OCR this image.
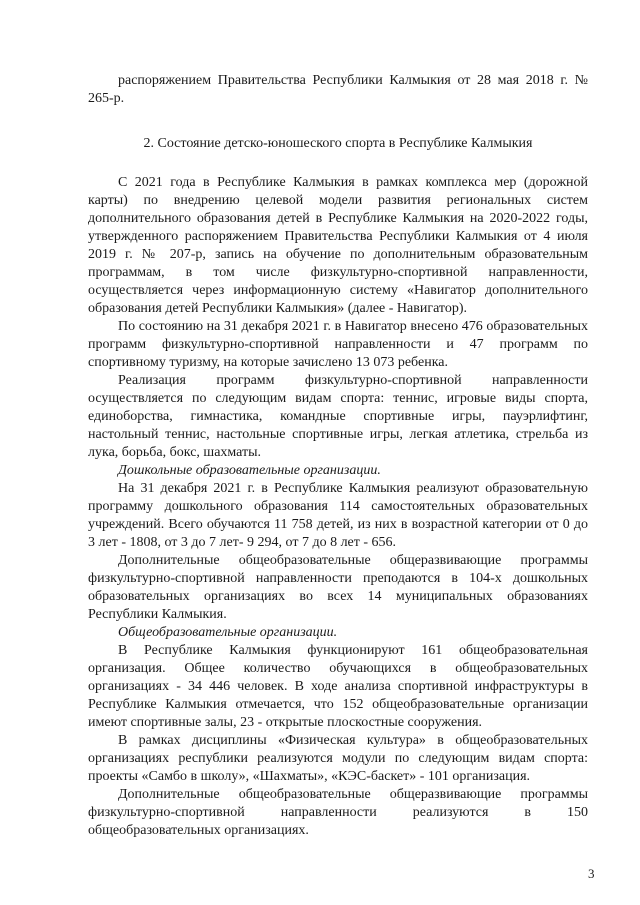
распоряжением Правительства Республики Калмыкия от 28 мая 2018 г. № 265-р.

2. Состояние детско-юношеского спорта в Республике Калмыкия

С 2021 года в Республике Калмыкия в рамках комплекса мер (дорожной карты) по внедрению целевой модели развития региональных систем дополнительного образования детей в Республике Калмыкия на 2020-2022 годы, утвержденного распоряжением Правительства Республики Калмыкия от 4 июля 2019 г. № 207-р, запись на обучение по дополнительным образовательным программам, в том числе физкультурно-спортивной направленности, осуществляется через информационную систему «Навигатор дополнительного образования детей Республики Калмыкия» (далее - Навигатор).

По состоянию на 31 декабря 2021 г. в Навигатор внесено 476 образовательных программ физкультурно-спортивной направленности и 47 программ по спортивному туризму, на которые зачислено 13 073 ребенка.

Реализация программ физкультурно-спортивной направленности осуществляется по следующим видам спорта: теннис, игровые виды спорта, единоборства, гимнастика, командные спортивные игры, пауэрлифтинг, настольный теннис, настольные спортивные игры, легкая атлетика, стрельба из лука, борьба, бокс, шахматы.

Дошкольные образовательные организации.

На 31 декабря 2021 г. в Республике Калмыкия реализуют образовательную программу дошкольного образования 114 самостоятельных образовательных учреждений. Всего обучаются 11 758 детей, из них в возрастной категории от 0 до 3 лет - 1808, от 3 до 7 лет- 9 294, от 7 до 8 лет - 656.

Дополнительные общеобразовательные общеразвивающие программы физкультурно-спортивной направленности преподаются в 104-х дошкольных образовательных организациях во всех 14 муниципальных образованиях Республики Калмыкия.

Общеобразовательные организации.

В Республике Калмыкия функционируют 161 общеобразовательная организация. Общее количество обучающихся в общеобразовательных организациях - 34 446 человек. В ходе анализа спортивной инфраструктуры в Республике Калмыкия отмечается, что 152 общеобразовательные организации имеют спортивные залы, 23 - открытые плоскостные сооружения.

В рамках дисциплины «Физическая культура» в общеобразовательных организациях республики реализуются модули по следующим видам спорта: проекты «Самбо в школу», «Шахматы», «КЭС-баскет» - 101 организация.

Дополнительные общеобразовательные общеразвивающие программы физкультурно-спортивной направленности реализуются в 150 общеобразовательных организациях.

3
